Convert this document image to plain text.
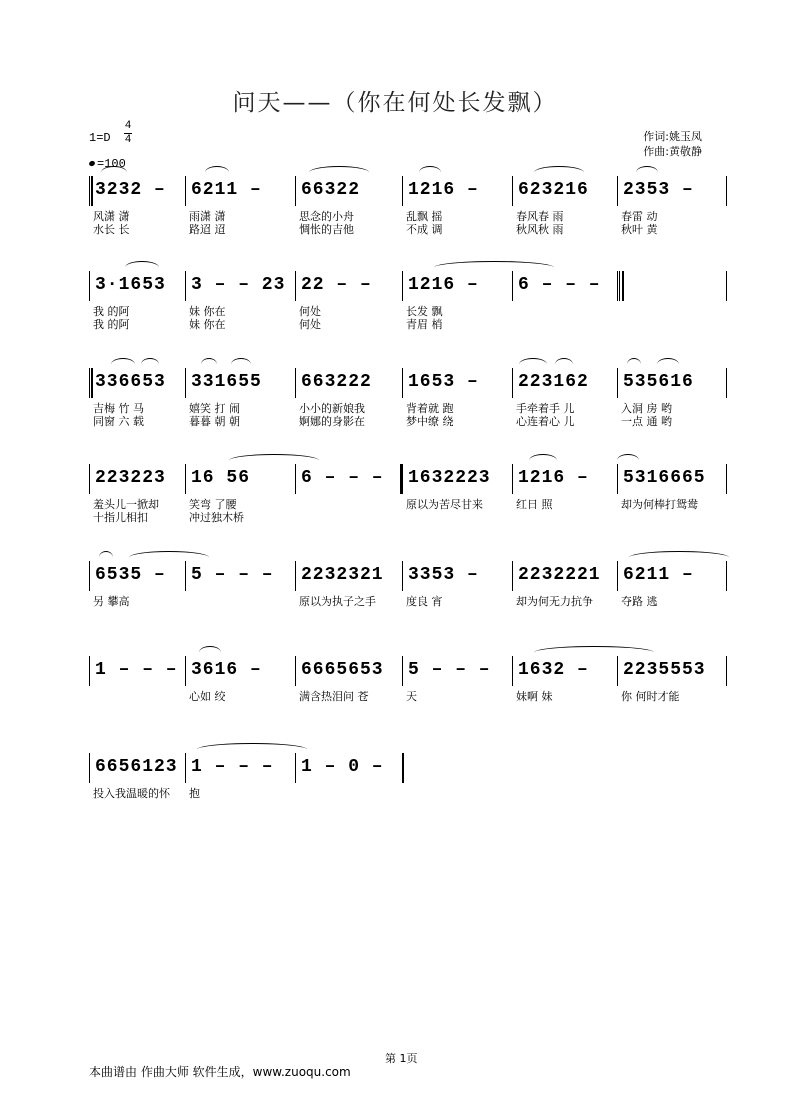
问天——（你在何处长发飘）
1=D
4
4
=100
作词:姚玉凤
作曲:黄敬静
3232 –
风潇 潇
水长 长
6211 –
雨潇 潇
路迢 迢
66322
思念的小舟
惆怅的吉他
1216 –
乱飘 摇
不成 调
623216
春风春 雨
秋风秋 雨
2353 –
春雷 动
秋叶 黄
3·1653
我 的阿
我 的阿
3 – – 23
妹 你在
妹 你在
22 – –
何处
何处
1216 –
长发 飘
青眉 梢
6 – – –
336653
吉梅 竹 马
同窗 六 载
331655
嬉笑 打 闹
暮暮 朝 朝
663222
小小的新娘我
婀娜的身影在
1653 –
背着就 跑
梦中缭 绕
223162
手牵着手 儿
心连着心 儿
535616
入洞 房 哟
一点 通 哟
223223
羞头儿一掀却
十指儿相扣
16 56
笑弯 了腰
冲过独木桥
6 – – – 1632223
原以为苦尽甘来
1216 –
红日 照
5316665
却为何棒打鸳鸯
6535 –
另 攀高
5 – – – 2232321
原以为执子之手
3353 –
度良 宵
2232221
却为何无力抗争
6211 –
夺路 逃
1 – – – 3616 –
心如 绞
6665653
满含热泪问 苍
5 – – –
天
1632 –
妹啊 妹
2235553
你 何时才能
6656123
投入我温暖的怀
1 – – –
抱
1 – 0 –
第 1页
本曲谱由 作曲大师 软件生成，www.zuoqu.com
